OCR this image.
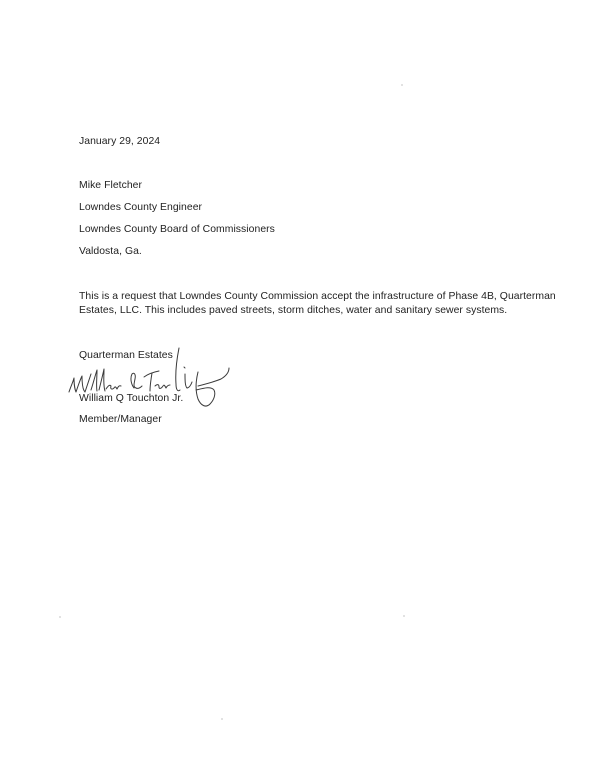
January 29, 2024
Mike Fletcher
Lowndes County Engineer
Lowndes County Board of Commissioners
Valdosta, Ga.
This is a request that Lowndes County Commission accept the infrastructure of Phase 4B, Quarterman
Estates, LLC. This includes paved streets, storm ditches, water and sanitary sewer systems.
Quarterman Estates
William Q Touchton Jr.
Member/Manager
